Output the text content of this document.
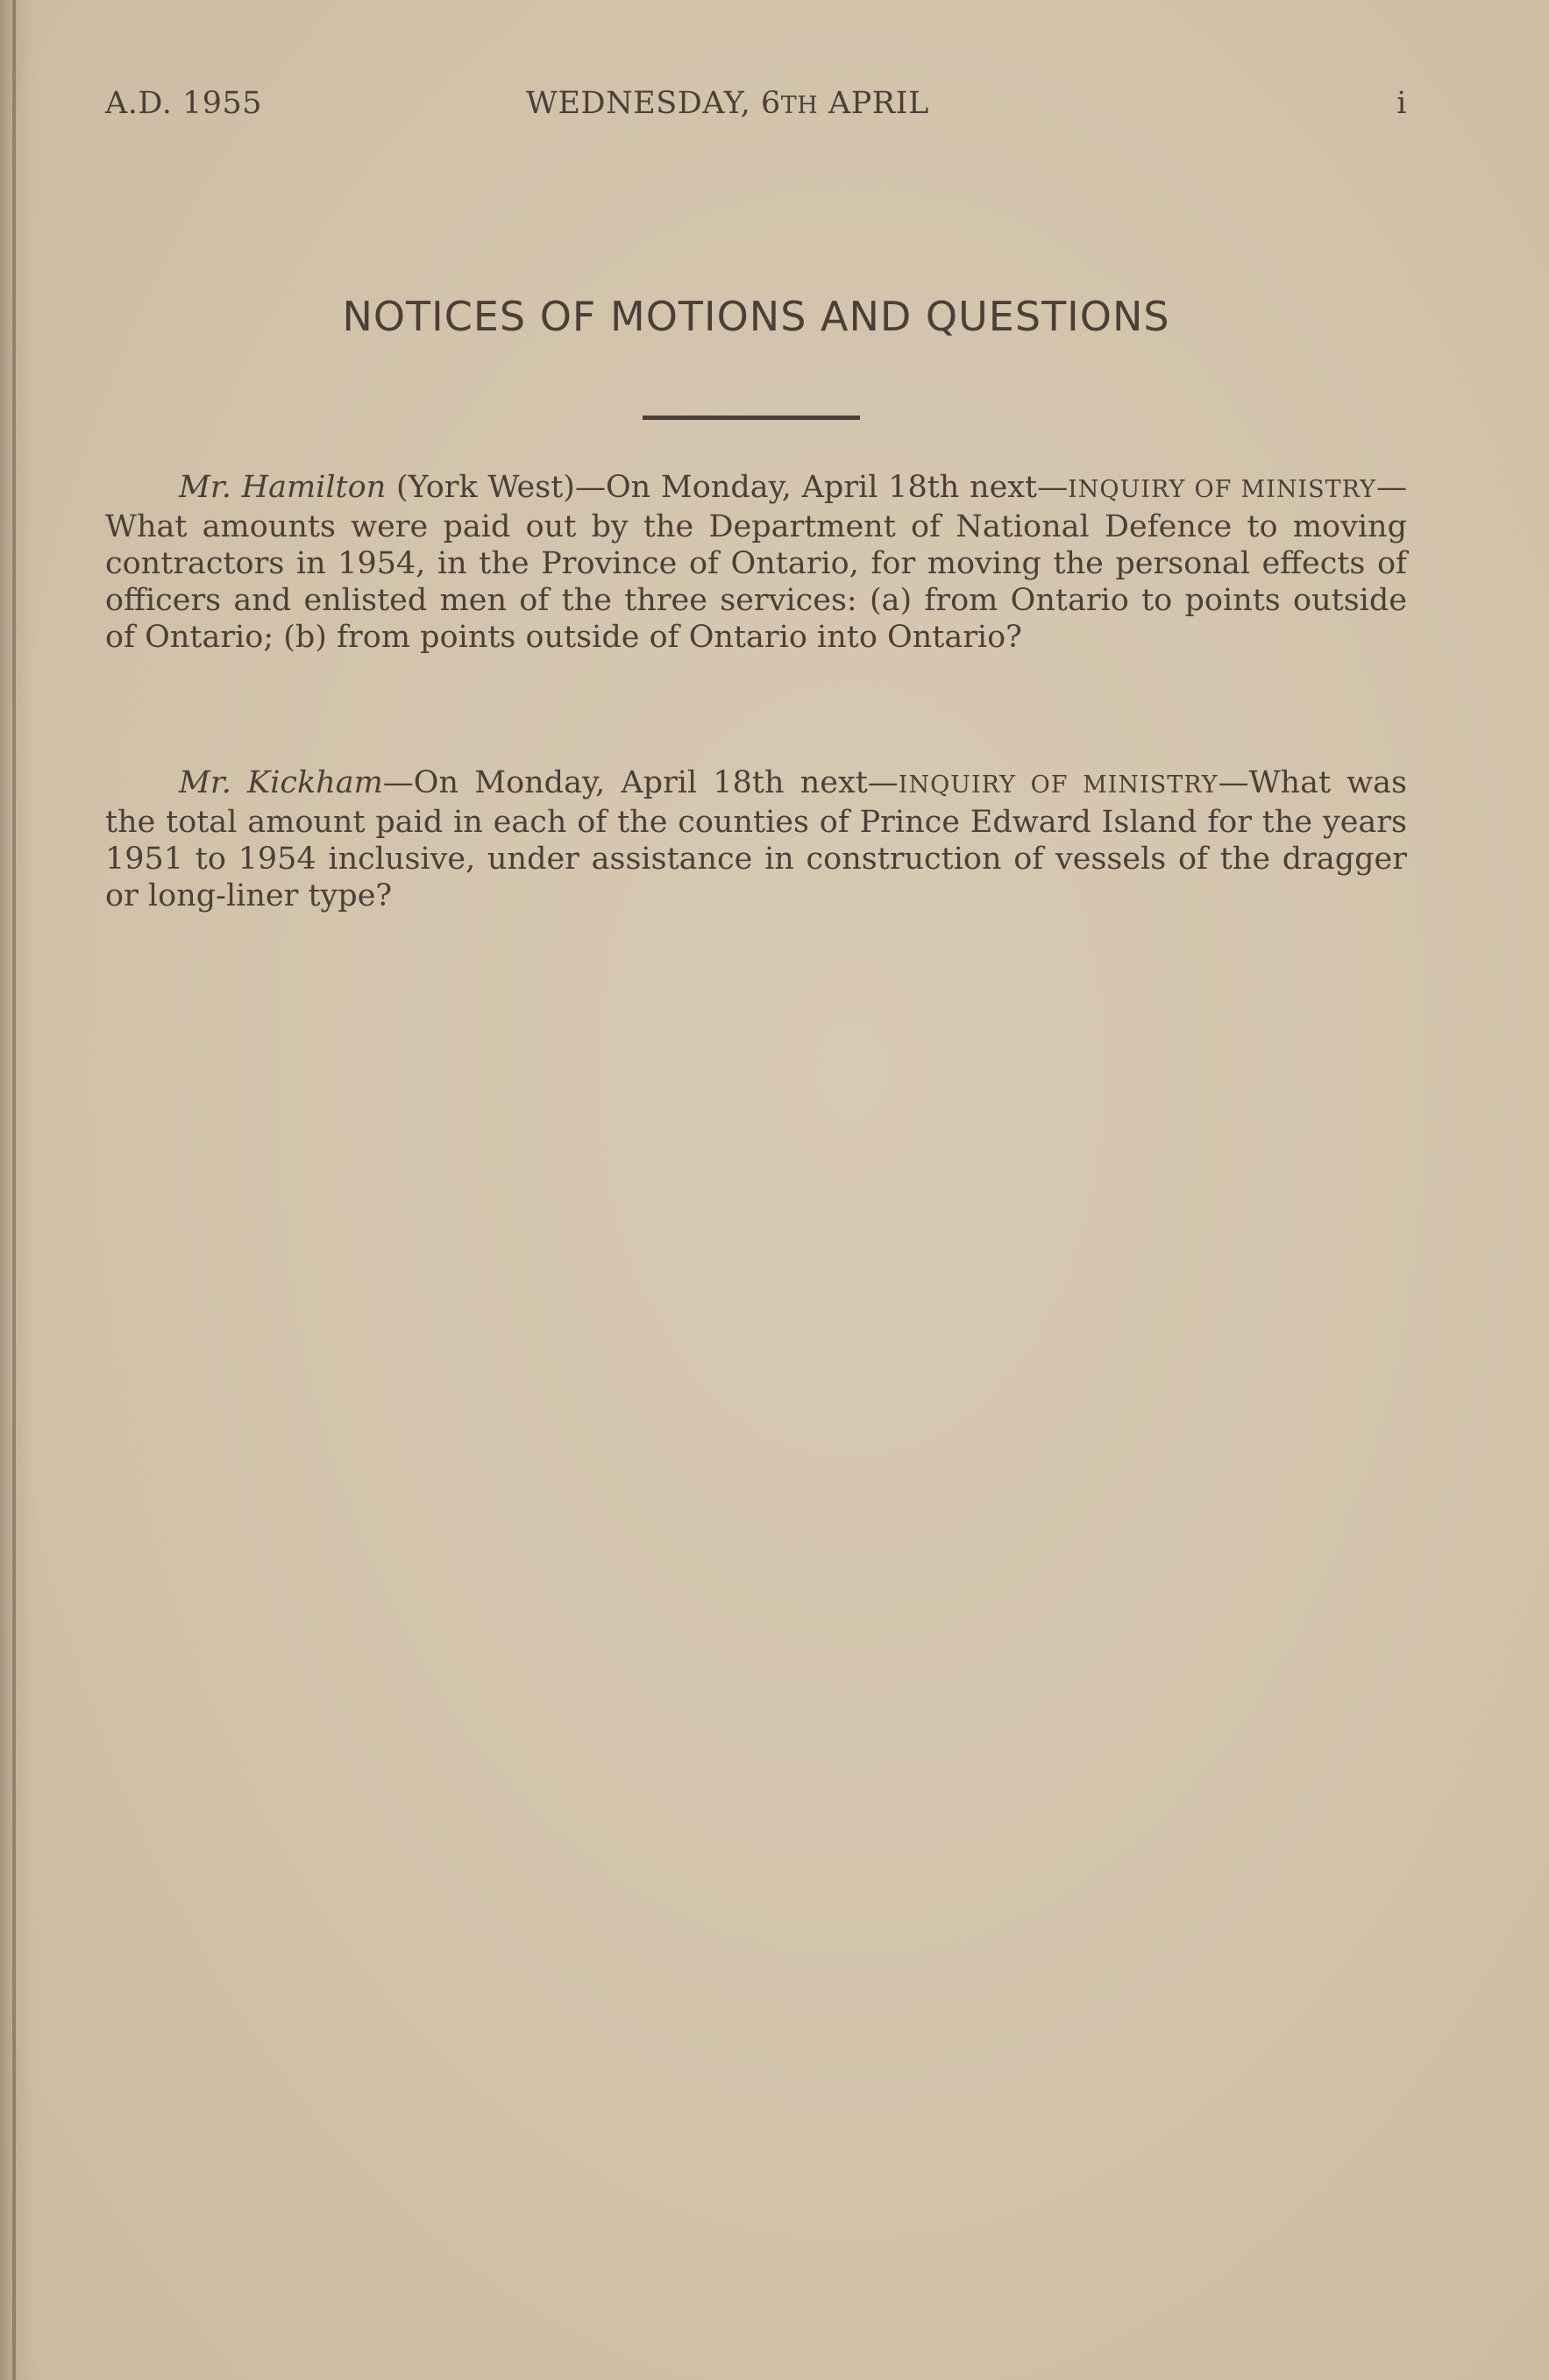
A.D. 1955	WEDNESDAY, 6TH APRIL	i
NOTICES OF MOTIONS AND QUESTIONS

Mr. Hamilton (York West)—On Monday, April 18th next—INQUIRY OF MINISTRY—What amounts were paid out by the Department of National Defence to moving contractors in 1954, in the Province of Ontario, for moving the personal effects of officers and enlisted men of the three services: (a) from Ontario to points outside of Ontario; (b) from points outside of Ontario into Ontario?

Mr. Kickham—On Monday, April 18th next—INQUIRY OF MINISTRY—What was the total amount paid in each of the counties of Prince Edward Island for the years 1951 to 1954 inclusive, under assistance in construction of vessels of the dragger or long-liner type?
